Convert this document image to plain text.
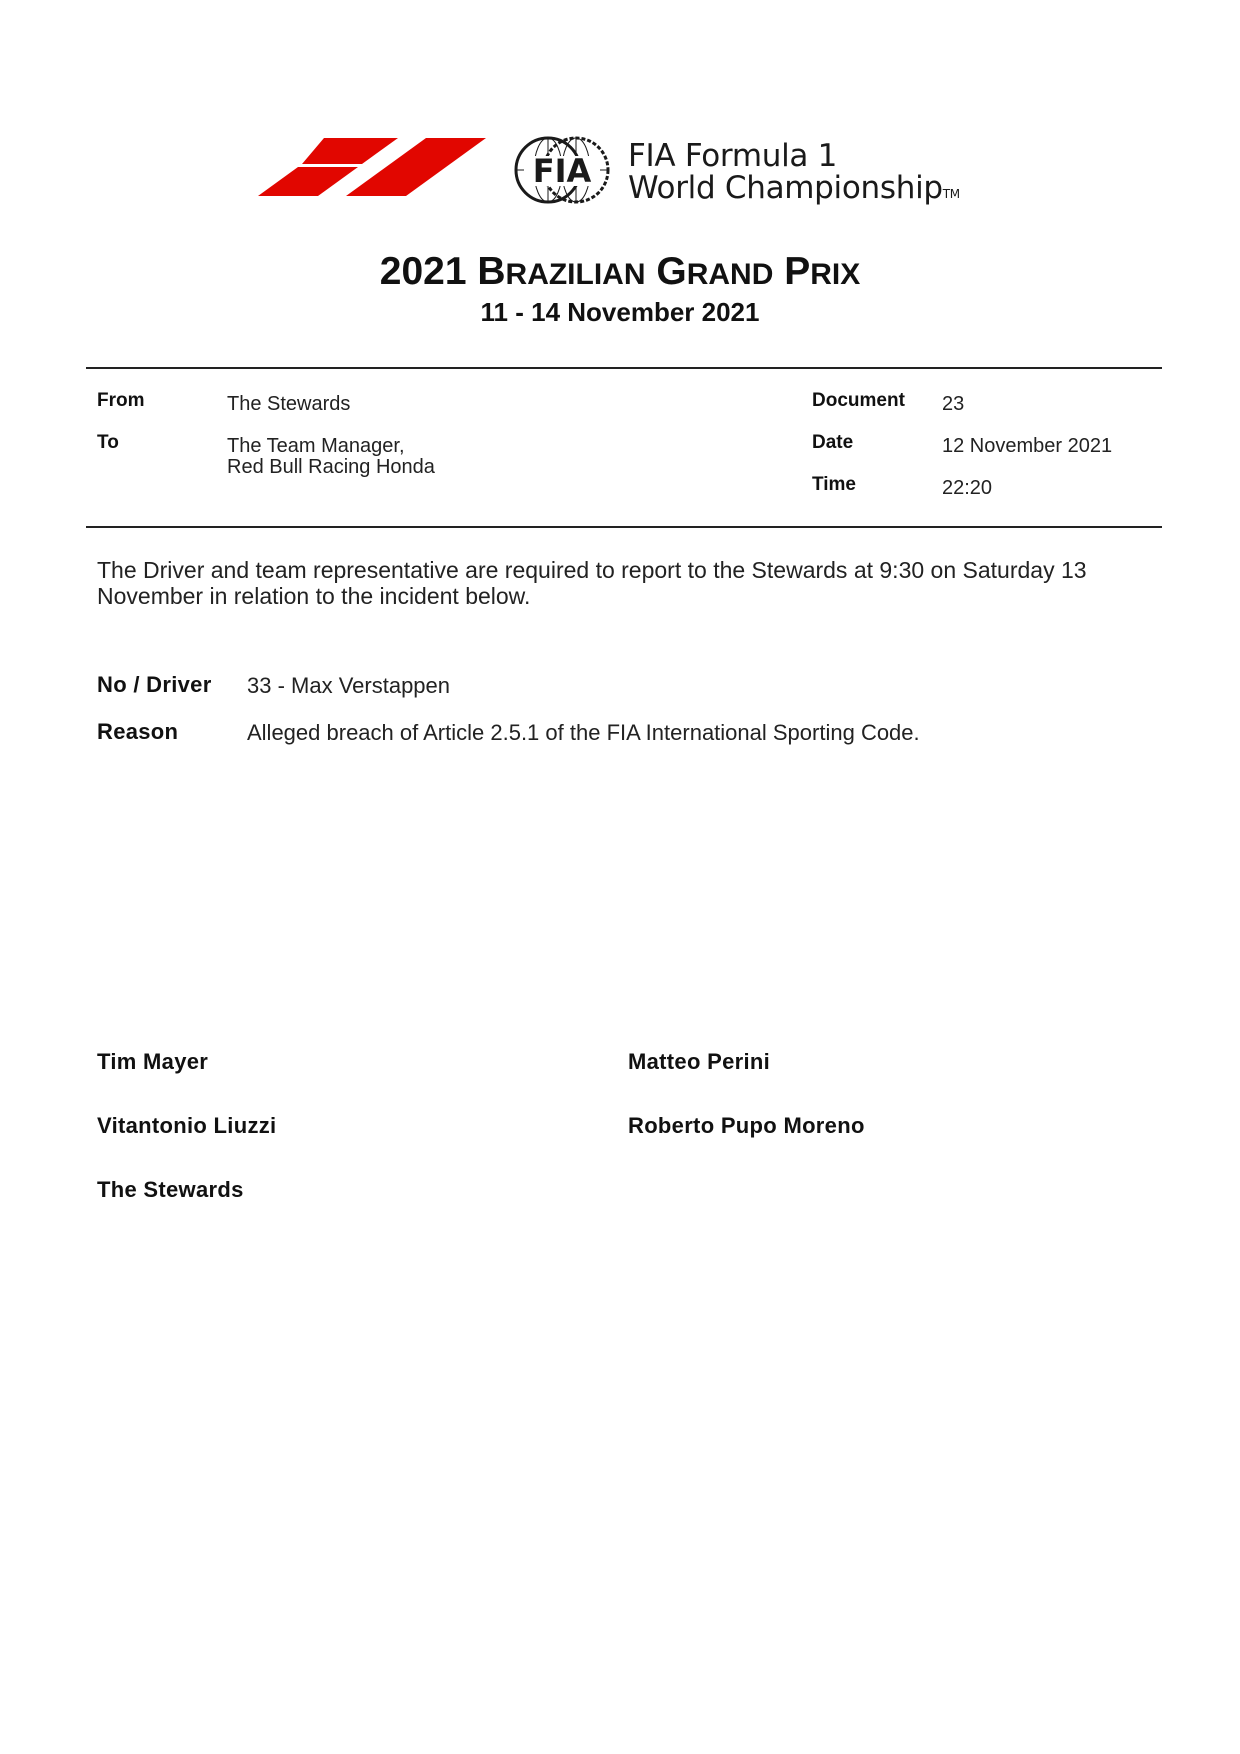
FIA FIA Formula 1
World ChampionshipTM
2021 BRAZILIAN GRAND PRIX
11 - 14 November 2021
From	The Stewards
To	The Team Manager,
Red Bull Racing Honda
Document 23
Date	12 November 2021
Time	22:20
The Driver and team representative are required to report to the Stewards at 9:30 on Saturday 13 November in relation to the incident below.
No / Driver 33 - Max Verstappen
Reason	Alleged breach of Article 2.5.1 of the FIA International Sporting Code.
Tim Mayer	Matteo Perini
Vitantonio Liuzzi	Roberto Pupo Moreno
The Stewards
